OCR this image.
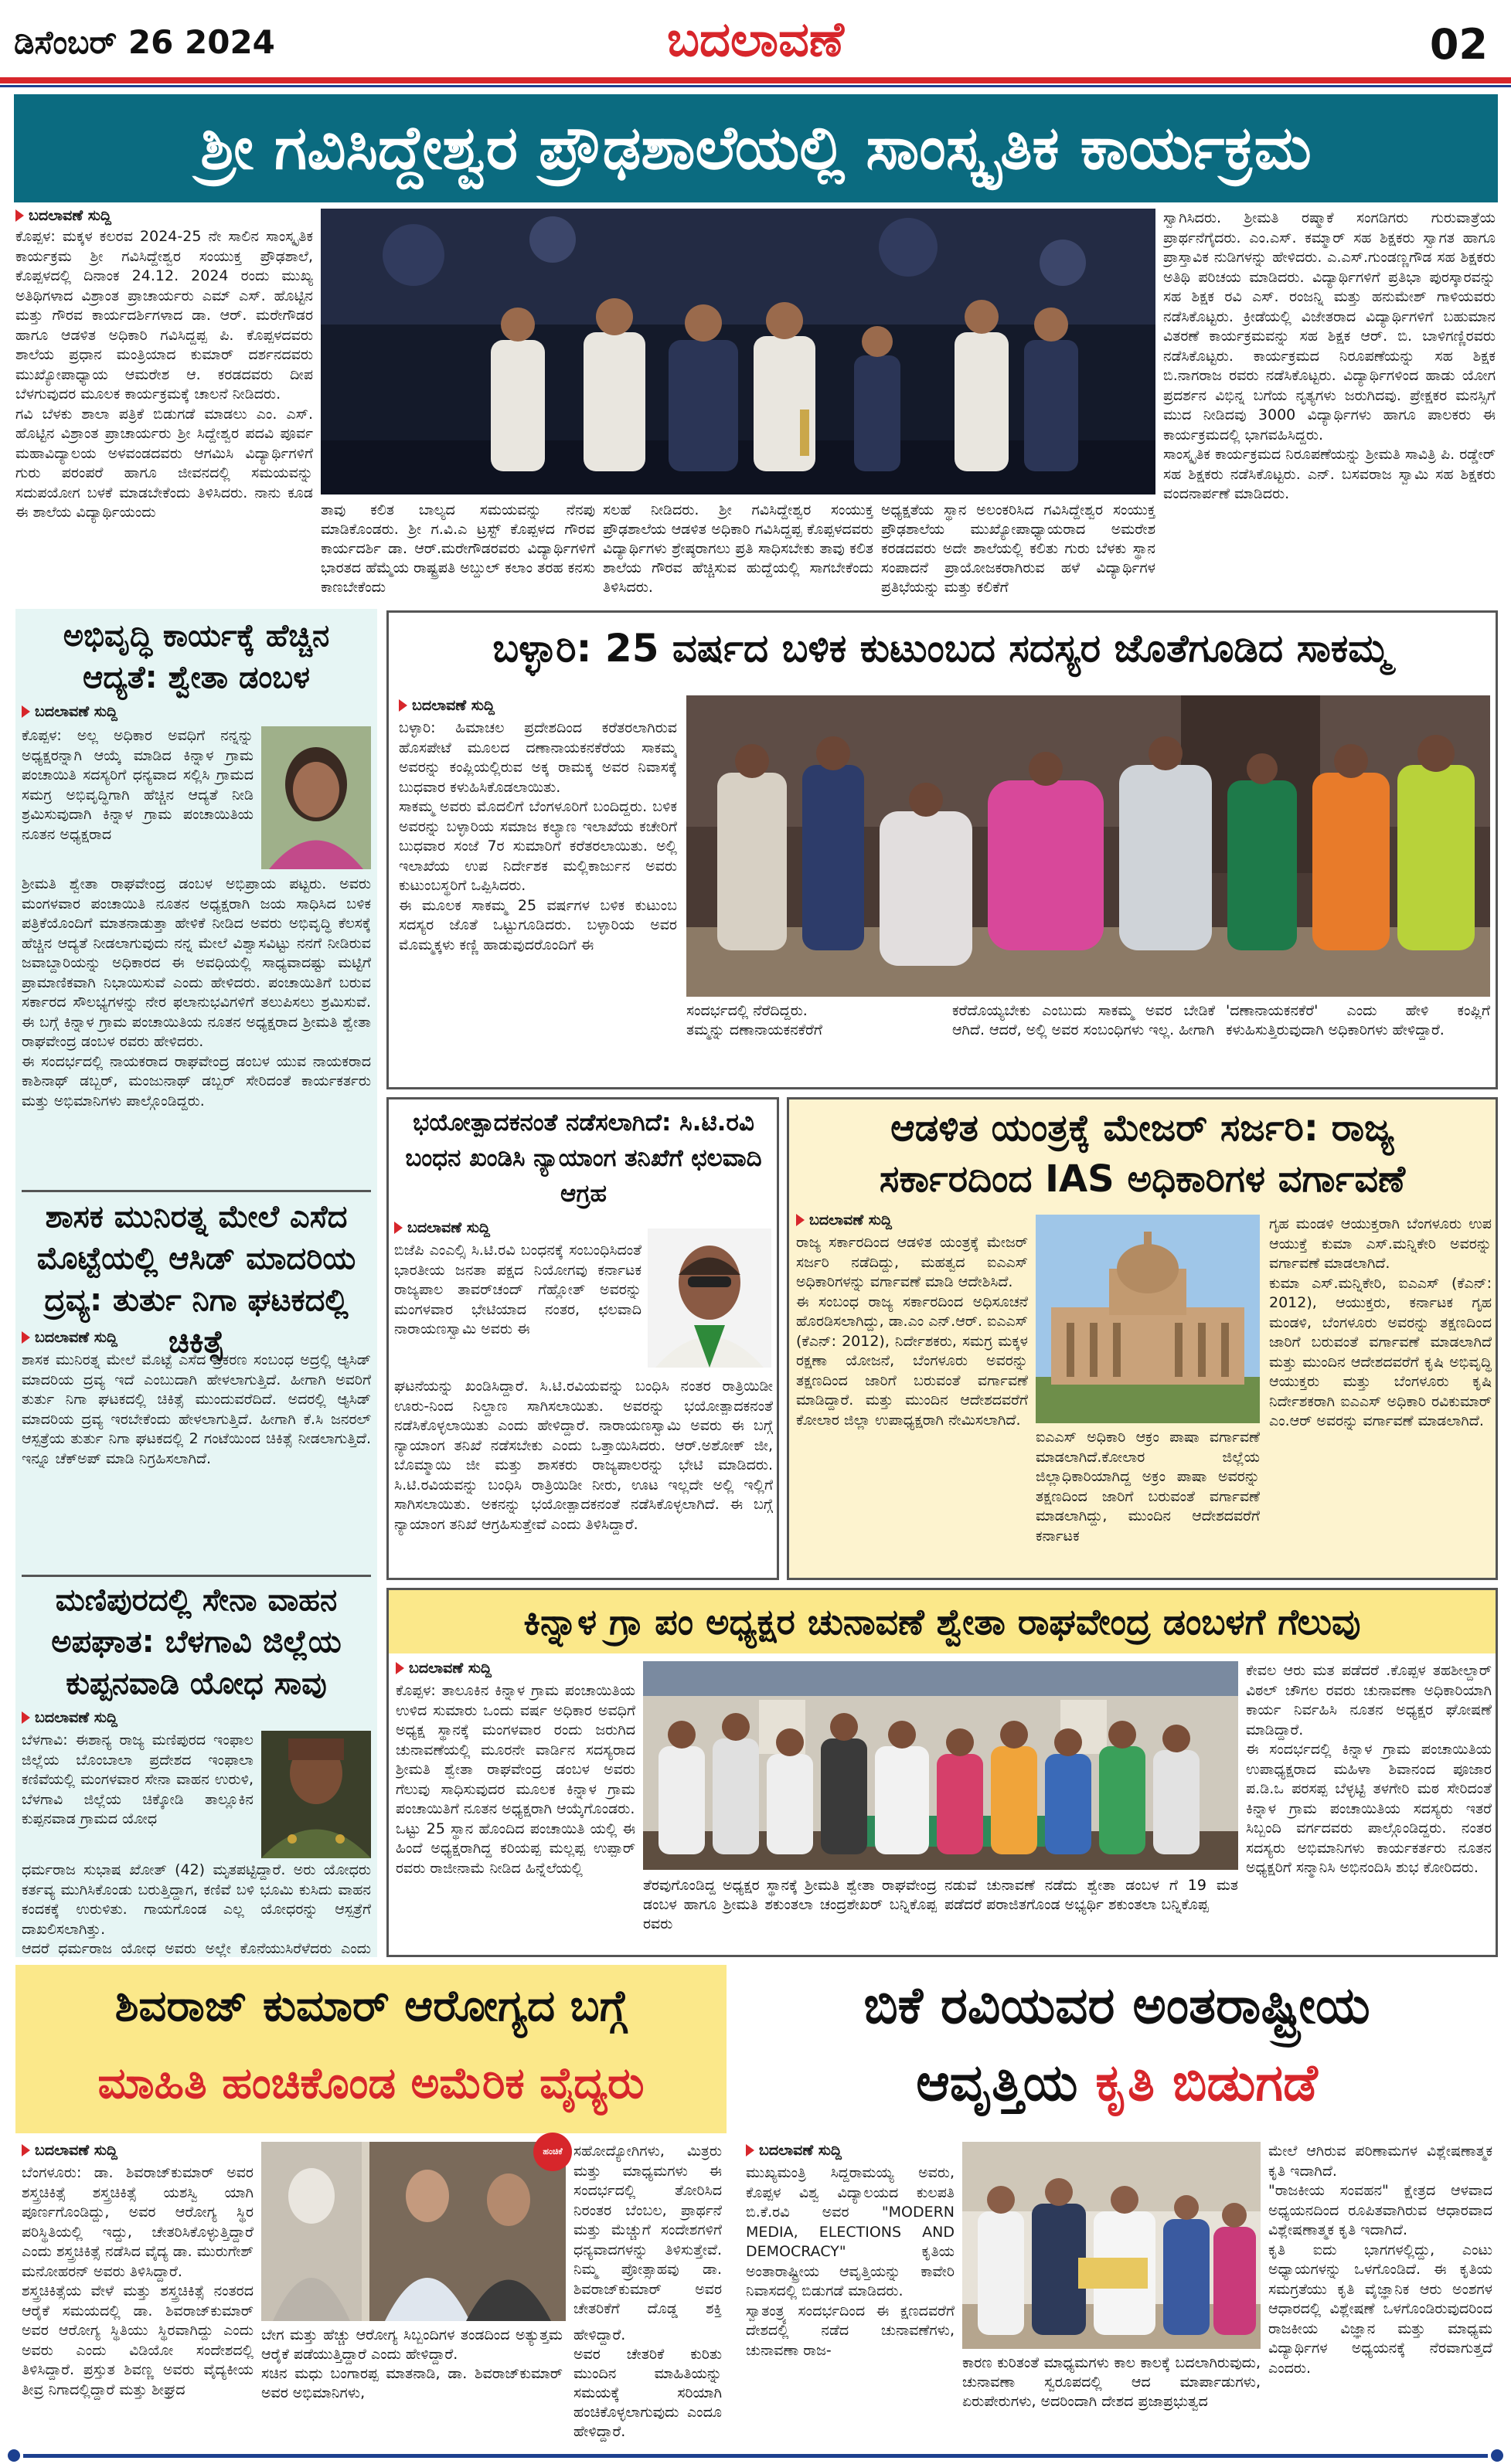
ಡಿಸೆಂಬರ್ 26 2024	ಬದಲಾವಣೆ	02
ಶ್ರೀ ಗವಿಸಿದ್ದೇಶ್ವರ ಪ್ರೌಢಶಾಲೆಯಲ್ಲಿ ಸಾಂಸ್ಕೃತಿಕ ಕಾರ್ಯಕ್ರಮ
ಬದಲಾವಣೆ ಸುದ್ದಿ
ಕೊಪ್ಪಳ: ಮಕ್ಕಳ ಕಲರವ 2024-25 ನೇ ಸಾಲಿನ ಸಾಂಸ್ಕೃತಿಕ ಕಾರ್ಯಕ್ರಮ ಶ್ರೀ ಗವಿಸಿದ್ದೇಶ್ವರ ಸಂಯುಕ್ತ ಪ್ರೌಢಶಾಲೆ, ಕೊಪ್ಪಳದಲ್ಲಿ ದಿನಾಂಕ 24.12. 2024 ರಂದು ಮುಖ್ಯ ಅತಿಥಿಗಳಾದ ವಿಶ್ರಾಂತ ಪ್ರಾಚಾರ್ಯರು ಎಮ್ ಎಸ್. ಹೊಟ್ಟಿನ ಮತ್ತು ಗೌರವ ಕಾರ್ಯದರ್ಶಿಗಳಾದ ಡಾ. ಆರ್. ಮರೇಗೌಡರ ಹಾಗೂ ಆಡಳಿತ ಅಧಿಕಾರಿ ಗವಿಸಿದ್ದಪ್ಪ ಪಿ. ಕೊಪ್ಪಳದವರು ಶಾಲೆಯ ಪ್ರಧಾನ ಮಂತ್ರಿಯಾದ ಕುಮಾರ್ ದರ್ಶನದವರು ಮುಖ್ಯೋಪಾಧ್ಯಾಯ ಆಮರೇಶ ಆ. ಕರಡದವರು ದೀಪ ಬೆಳಗುವುದರ ಮೂಲಕ ಕಾರ್ಯಕ್ರಮಕ್ಕೆ ಚಾಲನೆ ನೀಡಿದರು.
ಗವಿ ಬೆಳಕು ಶಾಲಾ ಪತ್ರಿಕೆ ಬಿಡುಗಡೆ ಮಾಡಲು ಎಂ. ಎಸ್. ಹೊಟ್ಟಿನ ವಿಶ್ರಾಂತ ಪ್ರಾಚಾರ್ಯರು ಶ್ರೀ ಸಿದ್ದೇಶ್ವರ ಪದವಿ ಪೂರ್ವ ಮಹಾವಿದ್ಯಾಲಯ ಅಳವಂಡದವರು ಆಗಮಿಸಿ ವಿದ್ಯಾರ್ಥಿಗಳಿಗೆ ಗುರು ಪರಂಪರೆ ಹಾಗೂ ಜೀವನದಲ್ಲಿ ಸಮಯವನ್ನು ಸದುಪಯೋಗ ಬಳಕೆ ಮಾಡಬೇಕೆಂದು ತಿಳಿಸಿದರು. ನಾನು ಕೂಡ ಈ ಶಾಲೆಯ ವಿದ್ಯಾರ್ಥಿಯಂದು	ತಾವು ಕಲಿತ ಬಾಲ್ಯದ ಸಮಯವನ್ನು ನೆನಪು ಮಾಡಿಕೊಂಡರು. ಶ್ರೀ ಗ.ವಿ.ಎ ಟ್ರಸ್ಟ್ ಕೊಪ್ಪಳದ ಗೌರವ ಕಾರ್ಯದರ್ಶಿ ಡಾ. ಆರ್.ಮರೇಗೌಡರವರು ವಿದ್ಯಾರ್ಥಿಗಳಿಗೆ ಭಾರತದ ಹೆಮ್ಮೆಯ ರಾಷ್ಟ್ರಪತಿ ಅಬ್ದುಲ್ ಕಲಾಂ ತರಹ ಕನಸು ಕಾಣಬೇಕೆಂದು
ಸಲಹೆ ನೀಡಿದರು. ಶ್ರೀ ಗವಿಸಿದ್ದೇಶ್ವರ ಸಂಯುಕ್ತ ಪ್ರೌಢಶಾಲೆಯ ಆಡಳಿತ ಅಧಿಕಾರಿ ಗವಿಸಿದ್ದಪ್ಪ ಕೊಪ್ಪಳದವರು ವಿದ್ಯಾರ್ಥಿಗಳು ಶ್ರೇಷ್ಠರಾಗಲು ಪ್ರತಿ ಸಾಧಿಸಬೇಕು ತಾವು ಕಲಿತ ಶಾಲೆಯ ಗೌರವ ಹೆಚ್ಚಿಸುವ ಹುದ್ದೆಯಲ್ಲಿ ಸಾಗಬೇಕೆಂದು ತಿಳಿಸಿದರು.
ಅಧ್ಯಕ್ಷತೆಯ ಸ್ಥಾನ ಅಲಂಕರಿಸಿದ ಗವಿಸಿದ್ದೇಶ್ವರ ಸಂಯುಕ್ತ ಪ್ರೌಢಶಾಲೆಯ ಮುಖ್ಯೋಪಾಧ್ಯಾಯರಾದ ಅಮರೇಶ ಕರಡದವರು ಅದೇ ಶಾಲೆಯಲ್ಲಿ ಕಲಿತು ಗುರು ಬೆಳಕು ಸ್ಥಾನ ಸಂಪಾದನೆ ಪ್ರಾಯೋಜಕರಾಗಿರುವ ಹಳೆ ವಿದ್ಯಾರ್ಥಿಗಳ ಪ್ರತಿಭೆಯನ್ನು ಮತ್ತು ಕಲಿಕೆಗೆ
ಸ್ವಾಗಿಸಿದರು. ಶ್ರೀಮತಿ ರಷ್ಮಾಕೆ ಸಂಗಡಿಗರು ಗುರುವಾತ್ರೆಯ ಪ್ರಾರ್ಥನೆಗೈದರು. ಎಂ.ಎಸ್. ಕಮ್ಮಾರ್ ಸಹ ಶಿಕ್ಷಕರು ಸ್ವಾಗತ ಹಾಗೂ ಪ್ರಾಸ್ತಾವಿಕ ನುಡಿಗಳನ್ನು ಹೇಳಿದರು. ಎ.ಎಸ್.ಗುಂಡಣ್ಣಗೌಡ ಸಹ ಶಿಕ್ಷಕರು ಅತಿಥಿ ಪರಿಚಯ ಮಾಡಿದರು. ವಿದ್ಯಾರ್ಥಿಗಳಿಗೆ ಪ್ರತಿಭಾ ಪುರಸ್ಕಾರವನ್ನು ಸಹ ಶಿಕ್ಷಕ ರವಿ ಎಸ್. ರಂಜನ್ನಿ ಮತ್ತು ಹನುಮೇಶ್ ಗಾಳಿಯವರು ನಡೆಸಿಕೊಟ್ಟರು. ಕ್ರೀಡೆಯಲ್ಲಿ ವಿಜೇತರಾದ ವಿದ್ಯಾರ್ಥಿಗಳಿಗೆ ಬಹುಮಾನ ವಿತರಣೆ ಕಾರ್ಯಕ್ರಮವನ್ನು ಸಹ ಶಿಕ್ಷಕ ಆರ್. ಬಿ. ಬಾಳಿಗಣ್ಣಿರವರು ನಡೆಸಿಕೊಟ್ಟರು. ಕಾರ್ಯಕ್ರಮದ ನಿರೂಪಣೆಯನ್ನು ಸಹ ಶಿಕ್ಷಕ ಬಿ.ನಾಗರಾಜ ರವರು ನಡೆಸಿಕೊಟ್ಟರು. ವಿದ್ಯಾರ್ಥಿಗಳಿಂದ ಹಾಡು ಯೋಗ ಪ್ರದರ್ಶನ ವಿಭಿನ್ನ ಬಗೆಯ ನೃತ್ಯಗಳು ಜರುಗಿದವು. ಪ್ರೇಕ್ಷಕರ ಮನಸ್ಸಿಗೆ ಮುದ ನೀಡಿದವು 3000 ವಿದ್ಯಾರ್ಥಿಗಳು ಹಾಗೂ ಪಾಲಕರು ಈ ಕಾರ್ಯಕ್ರಮದಲ್ಲಿ ಭಾಗವಹಿಸಿದ್ದರು.
ಸಾಂಸ್ಕೃತಿಕ ಕಾರ್ಯಕ್ರಮದ ನಿರೂಪಣೆಯನ್ನು ಶ್ರೀಮತಿ ಸಾವಿತ್ರಿ ಪಿ. ರಡ್ಡೇರ್ ಸಹ ಶಿಕ್ಷಕರು ನಡೆಸಿಕೊಟ್ಟರು. ಎನ್. ಬಸವರಾಜ ಸ್ವಾಮಿ ಸಹ ಶಿಕ್ಷಕರು ವಂದನಾರ್ಪಣೆ ಮಾಡಿದರು.
ಅಭಿವೃದ್ಧಿ ಕಾರ್ಯಕ್ಕೆ ಹೆಚ್ಚಿನ ಆದ್ಯತೆ: ಶ್ವೇತಾ ಡಂಬಳ
ಬದಲಾವಣೆ ಸುದ್ದಿ
ಕೊಪ್ಪಳ: ಅಲ್ಲ ಅಧಿಕಾರ ಅವಧಿಗೆ ನನ್ನನ್ನು ಅಧ್ಯಕ್ಷರನ್ನಾಗಿ ಆಯ್ಕೆ ಮಾಡಿದ ಕಿನ್ನಾಳ ಗ್ರಾಮ ಪಂಚಾಯಿತಿ ಸದಸ್ಯರಿಗೆ ಧನ್ಯವಾದ ಸಲ್ಲಿಸಿ ಗ್ರಾಮದ ಸಮಗ್ರ ಅಭಿವೃದ್ಧಿಗಾಗಿ ಹೆಚ್ಚಿನ ಆದ್ಯತೆ ನೀಡಿ ಶ್ರಮಿಸುವುದಾಗಿ ಕಿನ್ನಾಳ ಗ್ರಾಮ ಪಂಚಾಯಿತಿಯ ನೂತನ ಅಧ್ಯಕ್ಷರಾದ
ಶ್ರೀಮತಿ ಶ್ವೇತಾ ರಾಘವೇಂದ್ರ ಡಂಬಳ ಅಭಿಪ್ರಾಯ ಪಟ್ಟರು. ಅವರು ಮಂಗಳವಾರ ಪಂಚಾಯಿತಿ ನೂತನ ಅಧ್ಯಕ್ಷರಾಗಿ ಜಯ ಸಾಧಿಸಿದ ಬಳಿಕ ಪತ್ರಿಕೆಯೊಂದಿಗೆ ಮಾತನಾಡುತ್ತಾ ಹೇಳಿಕೆ ನೀಡಿದ ಅವರು ಅಭಿವೃದ್ಧಿ ಕೆಲಸಕ್ಕೆ ಹೆಚ್ಚಿನ ಆದ್ಯತೆ ನೀಡಲಾಗುವುದು ನನ್ನ ಮೇಲೆ ವಿಶ್ವಾಸವಿಟ್ಟು ನನಗೆ ನೀಡಿರುವ ಜವಾಬ್ದಾರಿಯನ್ನು ಅಧಿಕಾರದ ಈ ಅವಧಿಯಲ್ಲಿ ಸಾಧ್ಯವಾದಷ್ಟು ಮಟ್ಟಿಗೆ ಪ್ರಾಮಾಣಿಕವಾಗಿ ನಿಭಾಯಿಸುವೆ ಎಂದು ಹೇಳಿದರು. ಪಂಚಾಯಿತಿಗೆ ಬರುವ ಸರ್ಕಾರದ ಸೌಲಭ್ಯಗಳನ್ನು ನೇರ ಫಲಾನುಭವಿಗಳಿಗೆ ತಲುಪಿಸಲು ಶ್ರಮಿಸುವೆ. ಈ ಬಗ್ಗೆ ಕಿನ್ನಾಳ ಗ್ರಾಮ ಪಂಚಾಯಿತಿಯ ನೂತನ ಅಧ್ಯಕ್ಷರಾದ ಶ್ರೀಮತಿ ಶ್ವೇತಾ ರಾಘವೇಂದ್ರ ಡಂಬಳ ರವರು ಹೇಳಿದರು.
ಈ ಸಂದರ್ಭದಲ್ಲಿ ನಾಯಕರಾದ ರಾಘವೇಂದ್ರ ಡಂಬಳ ಯುವ ನಾಯಕರಾದ ಕಾಶಿನಾಥ್ ಡಬ್ಬರ್, ಮಂಜುನಾಥ್ ಡಬ್ಬರ್ ಸೇರಿದಂತೆ ಕಾರ್ಯಕರ್ತರು ಮತ್ತು ಅಭಿಮಾನಿಗಳು ಪಾಲ್ಗೊಂಡಿದ್ದರು.
ಶಾಸಕ ಮುನಿರತ್ನ ಮೇಲೆ ಎಸೆದ ಮೊಟ್ಟೆಯಲ್ಲಿ ಆಸಿಡ್ ಮಾದರಿಯ ದ್ರವ್ಯ: ತುರ್ತು ನಿಗಾ ಘಟಕದಲ್ಲಿ ಚಿಕಿತ್ಸೆ
ಬದಲಾವಣೆ ಸುದ್ದಿ
ಶಾಸಕ ಮುನಿರತ್ನ ಮೇಲೆ ಮೊಟ್ಟೆ ಎಸೆದ ಪ್ರಕರಣ ಸಂಬಂಧ ಅದ್ರಲ್ಲಿ ಆ್ಯಸಿಡ್ ಮಾದರಿಯ ದ್ರವ್ಯ ಇದೆ ಎಂಬುದಾಗಿ ಹೇಳಲಾಗುತ್ತಿದೆ. ಹೀಗಾಗಿ ಅವರಿಗೆ ತುರ್ತು ನಿಗಾ ಘಟಕದಲ್ಲಿ ಚಿಕಿತ್ಸೆ ಮುಂದುವರೆದಿದೆ. ಅದರಲ್ಲಿ ಆ್ಯಸಿಡ್ ಮಾದರಿಯ ದ್ರವ್ಯ ಇರಬೇಕೆಂದು ಹೇಳಲಾಗುತ್ತಿದೆ. ಹೀಗಾಗಿ ಕೆ.ಸಿ ಜನರಲ್ ಆಸ್ಪತ್ರೆಯ ತುರ್ತು ನಿಗಾ ಘಟಕದಲ್ಲಿ 2 ಗಂಟೆಯಿಂದ ಚಿಕಿತ್ಸೆ ನೀಡಲಾಗುತ್ತಿದೆ. ಇನ್ನೂ ಚೆಕ್ಅಪ್ ಮಾಡಿ ನಿಗ್ರಹಿಸಲಾಗಿದೆ.
ಮಣಿಪುರದಲ್ಲಿ ಸೇನಾ ವಾಹನ ಅಪಘಾತ: ಬೆಳಗಾವಿ ಜಿಲ್ಲೆಯ ಕುಪ್ಪನವಾಡಿ ಯೋಧ ಸಾವು
ಬದಲಾವಣೆ ಸುದ್ದಿ
ಬೆಳಗಾವಿ: ಈಶಾನ್ಯ ರಾಜ್ಯ ಮಣಿಪುರದ ಇಂಫಾಲ ಜಿಲ್ಲೆಯ ಬೊಂಬಾಲಾ ಪ್ರದೇಶದ ಇಂಫಾಲಾ ಕಣಿವೆಯಲ್ಲಿ ಮಂಗಳವಾರ ಸೇನಾ ವಾಹನ ಉರುಳಿ, ಬೆಳಗಾವಿ ಜಿಲ್ಲೆಯ ಚಿಕ್ಕೋಡಿ ತಾಲ್ಲೂಕಿನ ಕುಪ್ಪನವಾಡ ಗ್ರಾಮದ ಯೋಧ
ಧರ್ಮರಾಜ ಸುಭಾಷ ಖೋತ್ (42) ಮೃತಪಟ್ಟಿದ್ದಾರೆ. ಅರು ಯೋಧರು ಕರ್ತವ್ಯ ಮುಗಿಸಿಕೊಂಡು ಬರುತ್ತಿದ್ದಾಗ, ಕಣಿವೆ ಬಳಿ ಭೂಮಿ ಕುಸಿದು ವಾಹನ ಕಂದಕಕ್ಕೆ ಉರುಳಿತು. ಗಾಯಗೊಂಡ ಎಲ್ಲ ಯೋಧರನ್ನು ಆಸ್ಪತ್ರೆಗೆ ದಾಖಲಿಸಲಾಗಿತ್ತು.
ಆದರೆ ಧರ್ಮರಾಜ ಯೋಧ ಅವರು ಅಲ್ಲೇ ಕೊನೆಯುಸಿರೆಳೆದರು ಎಂದು
ಬಳ್ಳಾರಿ: 25 ವರ್ಷದ ಬಳಿಕ ಕುಟುಂಬದ ಸದಸ್ಯರ ಜೊತೆಗೂಡಿದ ಸಾಕಮ್ಮ
ಬದಲಾವಣೆ ಸುದ್ದಿ
ಬಳ್ಳಾರಿ: ಹಿಮಾಚಲ ಪ್ರದೇಶದಿಂದ ಕರೆತರಲಾಗಿರುವ ಹೊಸಪೇಟೆ ಮೂಲದ ದಣಾನಾಯಕನಕೆರೆಯ ಸಾಕಮ್ಮ ಅವರನ್ನು ಕಂಪ್ಲಿಯಲ್ಲಿರುವ ಅಕ್ಕ ರಾಮಕ್ಕ ಅವರ ನಿವಾಸಕ್ಕೆ ಬುಧವಾರ ಕಳುಹಿಸಿಕೊಡಲಾಯಿತು.
ಸಾಕಮ್ಮ ಅವರು ಮೊದಲಿಗೆ ಬೆಂಗಳೂರಿಗೆ ಬಂದಿದ್ದರು. ಬಳಿಕ ಅವರನ್ನು ಬಳ್ಳಾರಿಯ ಸಮಾಜ ಕಲ್ಯಾಣ ಇಲಾಖೆಯ ಕಚೇರಿಗೆ ಬುಧವಾರ ಸಂಜೆ 7ರ ಸುಮಾರಿಗೆ ಕರೆತರಲಾಯಿತು. ಅಲ್ಲಿ ಇಲಾಖೆಯ ಉಪ ನಿರ್ದೇಶಕ ಮಲ್ಲಿಕಾರ್ಜುನ ಅವರು ಕುಟುಂಬಸ್ಥರಿಗೆ ಒಪ್ಪಿಸಿದರು.
ಈ ಮೂಲಕ ಸಾಕಮ್ಮ 25 ವರ್ಷಗಳ ಬಳಿಕ ಕುಟುಂಬ ಸದಸ್ಯರ ಜೊತೆ ಒಟ್ಟುಗೂಡಿದರು. ಬಳ್ಳಾರಿಯ ಅವರ ಮೊಮ್ಮಕ್ಕಳು ಕಣ್ಣಿ ಹಾಡುವುದರೊಂದಿಗೆ ಈ
ಸಂದರ್ಭದಲ್ಲಿ ನೆರೆದಿದ್ದರು.
ತಮ್ಮನ್ನು ದಣಾನಾಯಕನಕೆರೆಗೆ
ಕರೆದೊಯ್ಯಬೇಕು ಎಂಬುದು ಸಾಕಮ್ಮ ಅವರ ಬೇಡಿಕೆ ಆಗಿದೆ. ಆದರೆ, ಅಲ್ಲಿ ಅವರ ಸಂಬಂಧಿಗಳು ಇಲ್ಲ. ಹೀಗಾಗಿ
'ದಣಾನಾಯಕನಕೆರೆ' ಎಂದು ಹೇಳಿ ಕಂಪ್ಲಿಗೆ ಕಳುಹಿಸುತ್ತಿರುವುದಾಗಿ ಅಧಿಕಾರಿಗಳು ಹೇಳಿದ್ದಾರೆ.
ಭಯೋತ್ಪಾದಕನಂತೆ ನಡೆಸಲಾಗಿದೆ: ಸಿ.ಟಿ.ರವಿ ಬಂಧನ ಖಂಡಿಸಿ ನ್ಯಾಯಾಂಗ ತನಿಖೆಗೆ ಛಲವಾದಿ ಆಗ್ರಹ
ಬದಲಾವಣೆ ಸುದ್ದಿ
ಬಿಜೆಪಿ ಎಂಎಲ್ಸಿ ಸಿ.ಟಿ.ರವಿ ಬಂಧನಕ್ಕೆ ಸಂಬಂಧಿಸಿದಂತೆ ಭಾರತೀಯ ಜನತಾ ಪಕ್ಷದ ನಿಯೋಗವು ಕರ್ನಾಟಕ ರಾಜ್ಯಪಾಲ ತಾವರ್‌ಚಂದ್ ಗೆಹ್ಲೋತ್ ಅವರನ್ನು ಮಂಗಳವಾರ ಭೇಟಿಯಾದ ನಂತರ, ಛಲವಾದಿ ನಾರಾಯಣಸ್ವಾಮಿ ಅವರು ಈ
ಘಟನೆಯನ್ನು ಖಂಡಿಸಿದ್ದಾರೆ. ಸಿ.ಟಿ.ರವಿಯವನ್ನು ಬಂಧಿಸಿ ನಂತರ ರಾತ್ರಿಯಿಡೀ ಊರು-ನಿಂದ ನಿಲ್ದಾಣ ಸಾಗಿಸಲಾಯಿತು. ಅವರನ್ನು ಭಯೋತ್ಪಾದಕನಂತೆ ನಡೆಸಿಕೊಳ್ಳಲಾಯಿತು ಎಂದು ಹೇಳಿದ್ದಾರೆ. ನಾರಾಯಣಸ್ವಾಮಿ ಅವರು ಈ ಬಗ್ಗೆ ನ್ಯಾಯಾಂಗ ತನಿಖೆ ನಡೆಸಬೇಕು ಎಂದು ಒತ್ತಾಯಿಸಿದರು. ಆರ್.ಅಶೋಕ್ ಜೀ, ಬೊಮ್ಮಾಯಿ ಜೀ ಮತ್ತು ಶಾಸಕರು ರಾಜ್ಯಪಾಲರನ್ನು ಭೇಟಿ ಮಾಡಿದರು. ಸಿ.ಟಿ.ರವಿಯವನ್ನು ಬಂಧಿಸಿ ರಾತ್ರಿಯಿಡೀ ನೀರು, ಊಟ ಇಲ್ಲದೇ ಅಲ್ಲಿ ಇಲ್ಲಿಗೆ ಸಾಗಿಸಲಾಯಿತು. ಅಕನನ್ನು ಭಯೋತ್ಪಾದಕನಂತೆ ನಡೆಸಿಕೊಳ್ಳಲಾಗಿದೆ. ಈ ಬಗ್ಗೆ ನ್ಯಾಯಾಂಗ ತನಿಖೆ ಆಗ್ರಹಿಸುತ್ತೇವೆ ಎಂದು ತಿಳಿಸಿದ್ದಾರೆ.
ಆಡಳಿತ ಯಂತ್ರಕ್ಕೆ ಮೇಜರ್ ಸರ್ಜರಿ: ರಾಜ್ಯ
ಸರ್ಕಾರದಿಂದ IAS ಅಧಿಕಾರಿಗಳ ವರ್ಗಾವಣೆ
ಬದಲಾವಣೆ ಸುದ್ದಿ
ರಾಜ್ಯ ಸರ್ಕಾರದಿಂದ ಆಡಳಿತ ಯಂತ್ರಕ್ಕೆ ಮೇಜರ್ ಸರ್ಜರಿ ನಡೆದಿದ್ದು, ಮಹತ್ವದ ಐಎಎಸ್ ಅಧಿಕಾರಿಗಳನ್ನು ವರ್ಗಾವಣೆ ಮಾಡಿ ಆದೇಶಿಸಿದೆ.
ಈ ಸಂಬಂಧ ರಾಜ್ಯ ಸರ್ಕಾರದಿಂದ ಅಧಿಸೂಚನೆ ಹೊರಡಿಸಲಾಗಿದ್ದು, ಡಾ.ಎಂ ಎನ್.ಆರ್. ಐಎಎಸ್ (ಕೆಎನ್: 2012), ನಿರ್ದೇಶಕರು, ಸಮಗ್ರ ಮಕ್ಕಳ ರಕ್ಷಣಾ ಯೋಜನೆ, ಬೆಂಗಳೂರು ಅವರನ್ನು ತಕ್ಷಣದಿಂದ ಜಾರಿಗೆ ಬರುವಂತೆ ವರ್ಗಾವಣೆ ಮಾಡಿದ್ದಾರೆ. ಮತ್ತು ಮುಂದಿನ ಆದೇಶದವರೆಗೆ ಕೋಲಾರ ಜಿಲ್ಲಾ ಉಪಾಧ್ಯಕ್ಷರಾಗಿ ನೇಮಿಸಲಾಗಿದೆ.
ಐಎಎಸ್ ಅಧಿಕಾರಿ ಆಕ್ರಂ ಪಾಷಾ ವರ್ಗಾವಣೆ ಮಾಡಲಾಗಿದೆ.ಕೋಲಾರ ಜಿಲ್ಲೆಯ ಜಿಲ್ಲಾಧಿಕಾರಿಯಾಗಿದ್ದ ಅಕ್ರಂ ಪಾಷಾ ಅವರನ್ನು ತಕ್ಷಣದಿಂದ ಜಾರಿಗೆ ಬರುವಂತೆ ವರ್ಗಾವಣೆ ಮಾಡಲಾಗಿದ್ದು, ಮುಂದಿನ ಆದೇಶದವರೆಗೆ ಕರ್ನಾಟಕ
ಗೃಹ ಮಂಡಳಿ ಆಯುಕ್ತರಾಗಿ ಬೆಂಗಳೂರು ಉಪ ಆಯುಕ್ತೆ ಕುಮಾ ಎಸ್.ಮನ್ನಿಕೇರಿ ಅವರನ್ನು ವರ್ಗಾವಣೆ ಮಾಡಲಾಗಿದೆ.
ಕುಮಾ ಎಸ್.ಮನ್ನಿಕೇರಿ, ಐಎಎಸ್ (ಕೆಎನ್: 2012), ಆಯುಕ್ತರು, ಕರ್ನಾಟಕ ಗೃಹ ಮಂಡಳಿ, ಬೆಂಗಳೂರು ಅವರನ್ನು ತಕ್ಷಣದಿಂದ ಜಾರಿಗೆ ಬರುವಂತೆ ವರ್ಗಾವಣೆ ಮಾಡಲಾಗಿದೆ ಮತ್ತು ಮುಂದಿನ ಆದೇಶದವರೆಗೆ ಕೃಷಿ ಅಭಿವೃದ್ಧಿ ಆಯುಕ್ತರು ಮತ್ತು ಬೆಂಗಳೂರು ಕೃಷಿ ನಿರ್ದೇಶಕರಾಗಿ ಐಎಎಸ್ ಅಧಿಕಾರಿ ರವಿಕುಮಾರ್ ಎಂ.ಆರ್ ಅವರನ್ನು ವರ್ಗಾವಣೆ ಮಾಡಲಾಗಿದೆ.
ಕಿನ್ನಾಳ ಗ್ರಾ ಪಂ ಅಧ್ಯಕ್ಷರ ಚುನಾವಣೆ ಶ್ವೇತಾ ರಾಘವೇಂದ್ರ ಡಂಬಳಗೆ ಗೆಲುವು
ಬದಲಾವಣೆ ಸುದ್ದಿ
ಕೊಪ್ಪಳ: ತಾಲೂಕಿನ ಕಿನ್ನಾಳ ಗ್ರಾಮ ಪಂಚಾಯಿತಿಯ ಉಳಿದ ಸುಮಾರು ಒಂದು ವರ್ಷ ಅಧಿಕಾರ ಅವಧಿಗೆ ಅಧ್ಯಕ್ಷ ಸ್ಥಾನಕ್ಕೆ ಮಂಗಳವಾರ ರಂದು ಜರುಗಿದ ಚುನಾವಣೆಯಲ್ಲಿ ಮೂರನೇ ವಾರ್ಡಿನ ಸದಸ್ಯರಾದ ಶ್ರೀಮತಿ ಶ್ವೇತಾ ರಾಘವೇಂದ್ರ ಡಂಬಳ ಅವರು ಗೆಲುವು ಸಾಧಿಸುವುದರ ಮೂಲಕ ಕಿನ್ನಾಳ ಗ್ರಾಮ ಪಂಚಾಯಿತಿಗೆ ನೂತನ ಅಧ್ಯಕ್ಷರಾಗಿ ಆಯ್ಕೆಗೊಂಡರು.
ಒಟ್ಟು 25 ಸ್ಥಾನ ಹೊಂದಿದ ಪಂಚಾಯಿತಿ ಯಲ್ಲಿ ಈ ಹಿಂದೆ ಅಧ್ಯಕ್ಷರಾಗಿದ್ದ ಕರಿಯಪ್ಪ ಮಲ್ಲಪ್ಪ ಉಪ್ಪಾರ್ ರವರು ರಾಜೀನಾಮೆ ನೀಡಿದ ಹಿನ್ನೆಲೆಯಲ್ಲಿ
ತೆರವುಗೊಂಡಿದ್ದ ಅಧ್ಯಕ್ಷರ ಸ್ಥಾನಕ್ಕೆ ಶ್ರೀಮತಿ ಶ್ವೇತಾ ರಾಘವೇಂದ್ರ ಡಂಬಳ ಹಾಗೂ ಶ್ರೀಮತಿ ಶಕುಂತಲಾ ಚಂದ್ರಶೇಖರ್ ಬನ್ನಿಕೊಪ್ಪ ರವರು
ನಡುವೆ ಚುನಾವಣೆ ನಡೆದು ಶ್ವೇತಾ ಡಂಬಳ ಗೆ 19 ಮತ ಪಡೆದರೆ ಪರಾಜಿತಗೊಂಡ ಅಭ್ಯರ್ಥಿ ಶಕುಂತಲಾ ಬನ್ನಿಕೊಪ್ಪ
ಕೇವಲ ಆರು ಮತ ಪಡೆದರೆ .ಕೊಪ್ಪಳ ತಹಶೀಲ್ದಾರ್ ವಿಠಲ್ ಚೌಗಲ ರವರು ಚುನಾವಣಾ ಅಧಿಕಾರಿಯಾಗಿ ಕಾರ್ಯ ನಿರ್ವಹಿಸಿ ನೂತನ ಅಧ್ಯಕ್ಷರ ಘೋಷಣೆ ಮಾಡಿದ್ದಾರೆ.
ಈ ಸಂದರ್ಭದಲ್ಲಿ ಕಿನ್ನಾಳ ಗ್ರಾಮ ಪಂಚಾಯಿತಿಯ ಉಪಾಧ್ಯಕ್ಷರಾದ ಮಹಿಳಾ ಶಿವಾನಂದ ಪೂಜಾರ ಪ.ಡಿ.ಒ ಪರಸಪ್ಪ ಬೆಳ್ಳಟ್ಟಿ ತಳಗೇರಿ ಮಠ ಸೇರಿದಂತೆ ಕಿನ್ನಾಳ ಗ್ರಾಮ ಪಂಚಾಯಿತಿಯ ಸದಸ್ಯರು ಇತರೆ ಸಿಬ್ಬಂದಿ ವರ್ಗದವರು ಪಾಲ್ಗೊಂಡಿದ್ದರು. ನಂತರ ಸದಸ್ಯರು ಅಭಿಮಾನಿಗಳು ಕಾರ್ಯಕರ್ತರು ನೂತನ ಅಧ್ಯಕ್ಷರಿಗೆ ಸನ್ಮಾನಿಸಿ ಅಭಿನಂದಿಸಿ ಶುಭ ಕೋರಿದರು.
ಶಿವರಾಜ್ ಕುಮಾರ್ ಆರೋಗ್ಯದ ಬಗ್ಗೆ
ಮಾಹಿತಿ ಹಂಚಿಕೊಂಡ ಅಮೆರಿಕ ವೈದ್ಯರು
ಬದಲಾವಣೆ ಸುದ್ದಿ
ಬೆಂಗಳೂರು: ಡಾ. ಶಿವರಾಜ್‌ಕುಮಾರ್ ಅವರ ಶಸ್ತ್ರಚಿಕಿತ್ಸೆ ಶಸ್ತ್ರಚಿಕಿತ್ಸೆ ಯಶಸ್ವಿ ಯಾಗಿ ಪೂರ್ಣಗೊಂಡಿದ್ದು, ಅವರ ಆರೋಗ್ಯ ಸ್ಥಿರ ಪರಿಸ್ಥಿತಿಯಲ್ಲಿ ಇದ್ದು, ಚೇತರಿಸಿಕೊಳ್ಳುತ್ತಿದ್ದಾರೆ ಎಂದು ಶಸ್ತ್ರಚಿಕಿತ್ಸೆ ನಡೆಸಿದ ವೈದ್ಯ ಡಾ. ಮುರುಗೇಶ್ ಮನೋಹರನ್ ಅವರು ತಿಳಿಸಿದ್ದಾರೆ.
ಶಸ್ತ್ರಚಿಕಿತ್ಸೆಯ ವೇಳೆ ಮತ್ತು ಶಸ್ತ್ರಚಿಕಿತ್ಸೆ ನಂತರದ ಆರೈಕೆ ಸಮಯದಲ್ಲಿ ಡಾ. ಶಿವರಾಜ್‌ಕುಮಾರ್ ಅವರ ಆರೋಗ್ಯ ಸ್ಥಿತಿಯು ಸ್ಥಿರವಾಗಿದ್ದು ಎಂದು ಅವರು ಎಂದು ವಿಡಿಯೋ ಸಂದೇಶದಲ್ಲಿ ತಿಳಿಸಿದ್ದಾರೆ. ಪ್ರಸ್ತುತ ಶಿವಣ್ಣ ಅವರು ವೈದ್ಯಕೀಯ ತೀವ್ರ ನಿಗಾದಲ್ಲಿದ್ದಾರೆ ಮತ್ತು ಶೀಘ್ರದ
ಹಂಚಿಕೆ ಸಹೋದ್ಯೋಗಿಗಳು, ಮಿತ್ರರು ಮತ್ತು ಮಾಧ್ಯಮಗಳು ಈ ಸಂದರ್ಭದಲ್ಲಿ ತೋರಿಸಿದ ನಿರಂತರ ಬೆಂಬಲ, ಪ್ರಾರ್ಥನೆ ಮತ್ತು ಮೆಚ್ಚುಗೆ ಸಂದೇಶಗಳಿಗೆ ಧನ್ಯವಾದಗಳನ್ನು ತಿಳಿಸುತ್ತೇವೆ. ನಿಮ್ಮ ಪ್ರೋತ್ಸಾಹವು ಡಾ. ಶಿವರಾಜ್‌ಕುಮಾರ್ ಅವರ ಚೇತರಿಕೆಗೆ ದೊಡ್ಡ ಶಕ್ತಿ
ಬೇಗ ಮತ್ತು ಹೆಚ್ಚು ಆರೋಗ್ಯ ಸಿಬ್ಬಂದಿಗಳ ತಂಡದಿಂದ ಅತ್ಯುತ್ತಮ ಆರೈಕೆ ಪಡೆಯುತ್ತಿದ್ದಾರೆ ಎಂದು ಹೇಳಿದ್ದಾರೆ.
ಸಚಿನ ಮಧು ಬಂಗಾರಪ್ಪ ಮಾತನಾಡಿ, ಡಾ. ಶಿವರಾಜ್‌ಕುಮಾರ್ ಅವರ ಅಭಿಮಾನಿಗಳು,
ಹೇಳಿದ್ದಾರೆ.
ಅವರ ಚೇತರಿಕೆ ಕುರಿತು ಮುಂದಿನ ಮಾಹಿತಿಯನ್ನು ಸಮಯಕ್ಕೆ ಸರಿಯಾಗಿ ಹಂಚಿಕೊಳ್ಳಲಾಗುವುದು ಎಂದೂ ಹೇಳಿದ್ದಾರೆ.
ಬಿಕೆ ರವಿಯವರ ಅಂತರಾಷ್ಟ್ರೀಯ
ಆವೃತ್ತಿಯ ಕೃತಿ ಬಿಡುಗಡೆ
ಬದಲಾವಣೆ ಸುದ್ದಿ
ಮುಖ್ಯಮಂತ್ರಿ ಸಿದ್ದರಾಮಯ್ಯ ಅವರು, ಕೊಪ್ಪಳ ವಿಶ್ವ ವಿದ್ಯಾಲಯದ ಕುಲಪತಿ ಬಿ.ಕೆ.ರವಿ ಅವರ "MODERN MEDIA, ELECTIONS AND DEMOCRACY" ಕೃತಿಯ ಅಂತಾರಾಷ್ಟ್ರೀಯ ಆವೃತ್ತಿಯನ್ನು ಕಾವೇರಿ ನಿವಾಸದಲ್ಲಿ ಬಿಡುಗಡೆ ಮಾಡಿದರು.
ಸ್ವಾತಂತ್ರ್ಯ ಸಂದರ್ಭದಿಂದ ಈ ಕ್ಷಣದವರೆಗೆ ದೇಶದಲ್ಲಿ ನಡೆದ ಚುನಾವಣೆಗಳು, ಚುನಾವಣಾ ರಾಜ-
ಕಾರಣ ಕುರಿತಂತೆ ಮಾಧ್ಯಮಗಳು ಕಾಲ ಕಾಲಕ್ಕೆ ಬದಲಾಗಿರುವುದು, ಚುನಾವಣಾ ಸ್ವರೂಪದಲ್ಲಿ ಆದ ಮಾರ್ಪಾಡುಗಳು, ಏರುಪೇರುಗಳು, ಅದರಿಂದಾಗಿ ದೇಶದ ಪ್ರಜಾಪ್ರಭುತ್ವದ
ಮೇಲೆ ಆಗಿರುವ ಪರಿಣಾಮಗಳ ವಿಶ್ಲೇಷಣಾತ್ಮಕ ಕೃತಿ ಇದಾಗಿದೆ.
"ರಾಜಕೀಯ ಸಂವಹನ" ಕ್ಷೇತ್ರದ ಆಳವಾದ ಅಧ್ಯಯನದಿಂದ ರೂಪಿತವಾಗಿರುವ ಆಧಾರವಾದ ವಿಶ್ಲೇಷಣಾತ್ಮಕ ಕೃತಿ ಇದಾಗಿದೆ.
ಕೃತಿ ಐದು ಭಾಗಗಳಲ್ಲಿದ್ದು, ಎಂಟು ಅಧ್ಯಾಯಗಳನ್ನು ಒಳಗೊಂಡಿದೆ. ಈ ಕೃತಿಯ ಸಮಗ್ರತೆಯು ಕೃತಿ ವೈಜ್ಞಾನಿಕ ಆರು ಅಂಶಗಳ ಆಧಾರದಲ್ಲಿ ವಿಶ್ಲೇಷಣೆ ಒಳಗೊಂಡಿರುವುದರಿಂದ ರಾಜಕೀಯ ವಿಜ್ಞಾನ ಮತ್ತು ಮಾಧ್ಯಮ ವಿದ್ಯಾರ್ಥಿಗಳ ಅಧ್ಯಯನಕ್ಕೆ ನೆರವಾಗುತ್ತದೆ ಎಂದರು.
